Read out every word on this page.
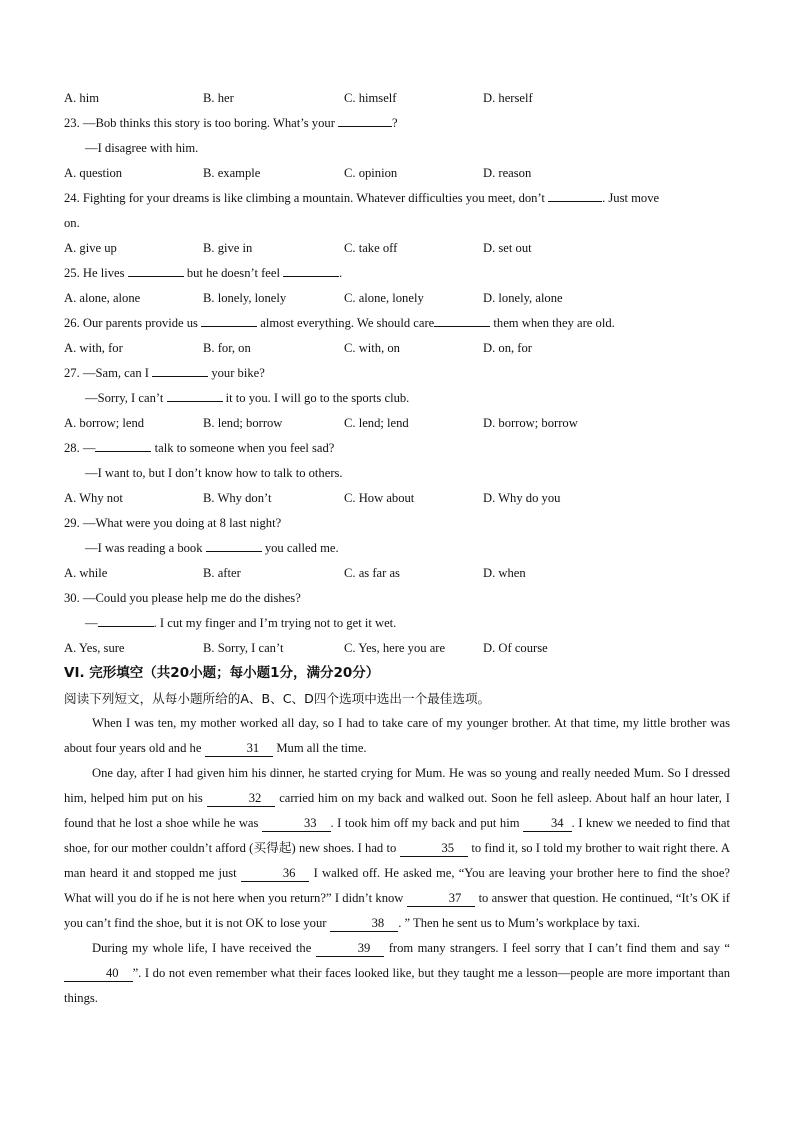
A. him	B. her	C. himself	D. herself
23. —Bob thinks this story is too boring. What’s your	?
—I disagree with him.
A. question	B. example	C. opinion	D. reason
24. Fighting for your dreams is like climbing a mountain. Whatever difficulties you meet, don’t	. Just move
on.
A. give up	B. give in	C. take off	D. set out
25. He lives	but he doesn’t feel	.
A. alone, alone	B. lonely, lonely	C. alone, lonely	D. lonely, alone
26. Our parents provide us	almost everything. We should care	them when they are old.
A. with, for	B. for, on	C. with, on	D. on, for
27. —Sam, can I	your bike?
—Sorry, I can’t	it to you. I will go to the sports club.
A. borrow; lend	B. lend; borrow	C. lend; lend	D. borrow; borrow
28. —	talk to someone when you feel sad?
—I want to, but I don’t know how to talk to others.
A. Why not	B. Why don’t	C. How about	D. Why do you
29. —What were you doing at 8 last night?
—I was reading a book	you called me.
A. while	B. after	C. as far as	D. when
30. —Could you please help me do the dishes?
—	. I cut my finger and I’m trying not to get it wet.
A. Yes, sure	B. Sorry, I can’t	C. Yes, here you are	D. Of course
VI. 完形填空（共20小题；每小题1分，满分20分）
阅读下列短文，从每小题所给的A、B、C、D四个选项中选出一个最佳选项。
When I was ten, my mother worked all day, so I had to take care of my younger brother. At that time, my little brother was about four years old and he	31 Mum all the time.
One day, after I had given him his dinner, he started crying for Mum. He was so young and really needed Mum. So I dressed him, helped him put on his	32 carried him on my back and walked out. Soon he fell asleep. About half an hour later, I found that he lost a shoe while he was	33 . I took him off my back and put him	34 . I knew we needed to find that shoe, for our mother couldn’t afford (买得起) new shoes. I had to	35 to find it, so I told my brother to wait right there. A man heard it and stopped me just	36 I walked off. He asked me, “You are leaving your brother here to find the shoe? What will you do if he is not here when you return?” I didn’t know	37 to answer that question. He continued, “It’s OK if you can’t find the shoe, but it is not OK to lose your	38 . ” Then he sent us to Mum’s workplace by taxi.
During my whole life, I have received the	39 from many strangers. I feel sorry that I can’t find them and say “40 ”. I do not even remember what their faces looked like, but they taught me a lesson—people are more important than things.
